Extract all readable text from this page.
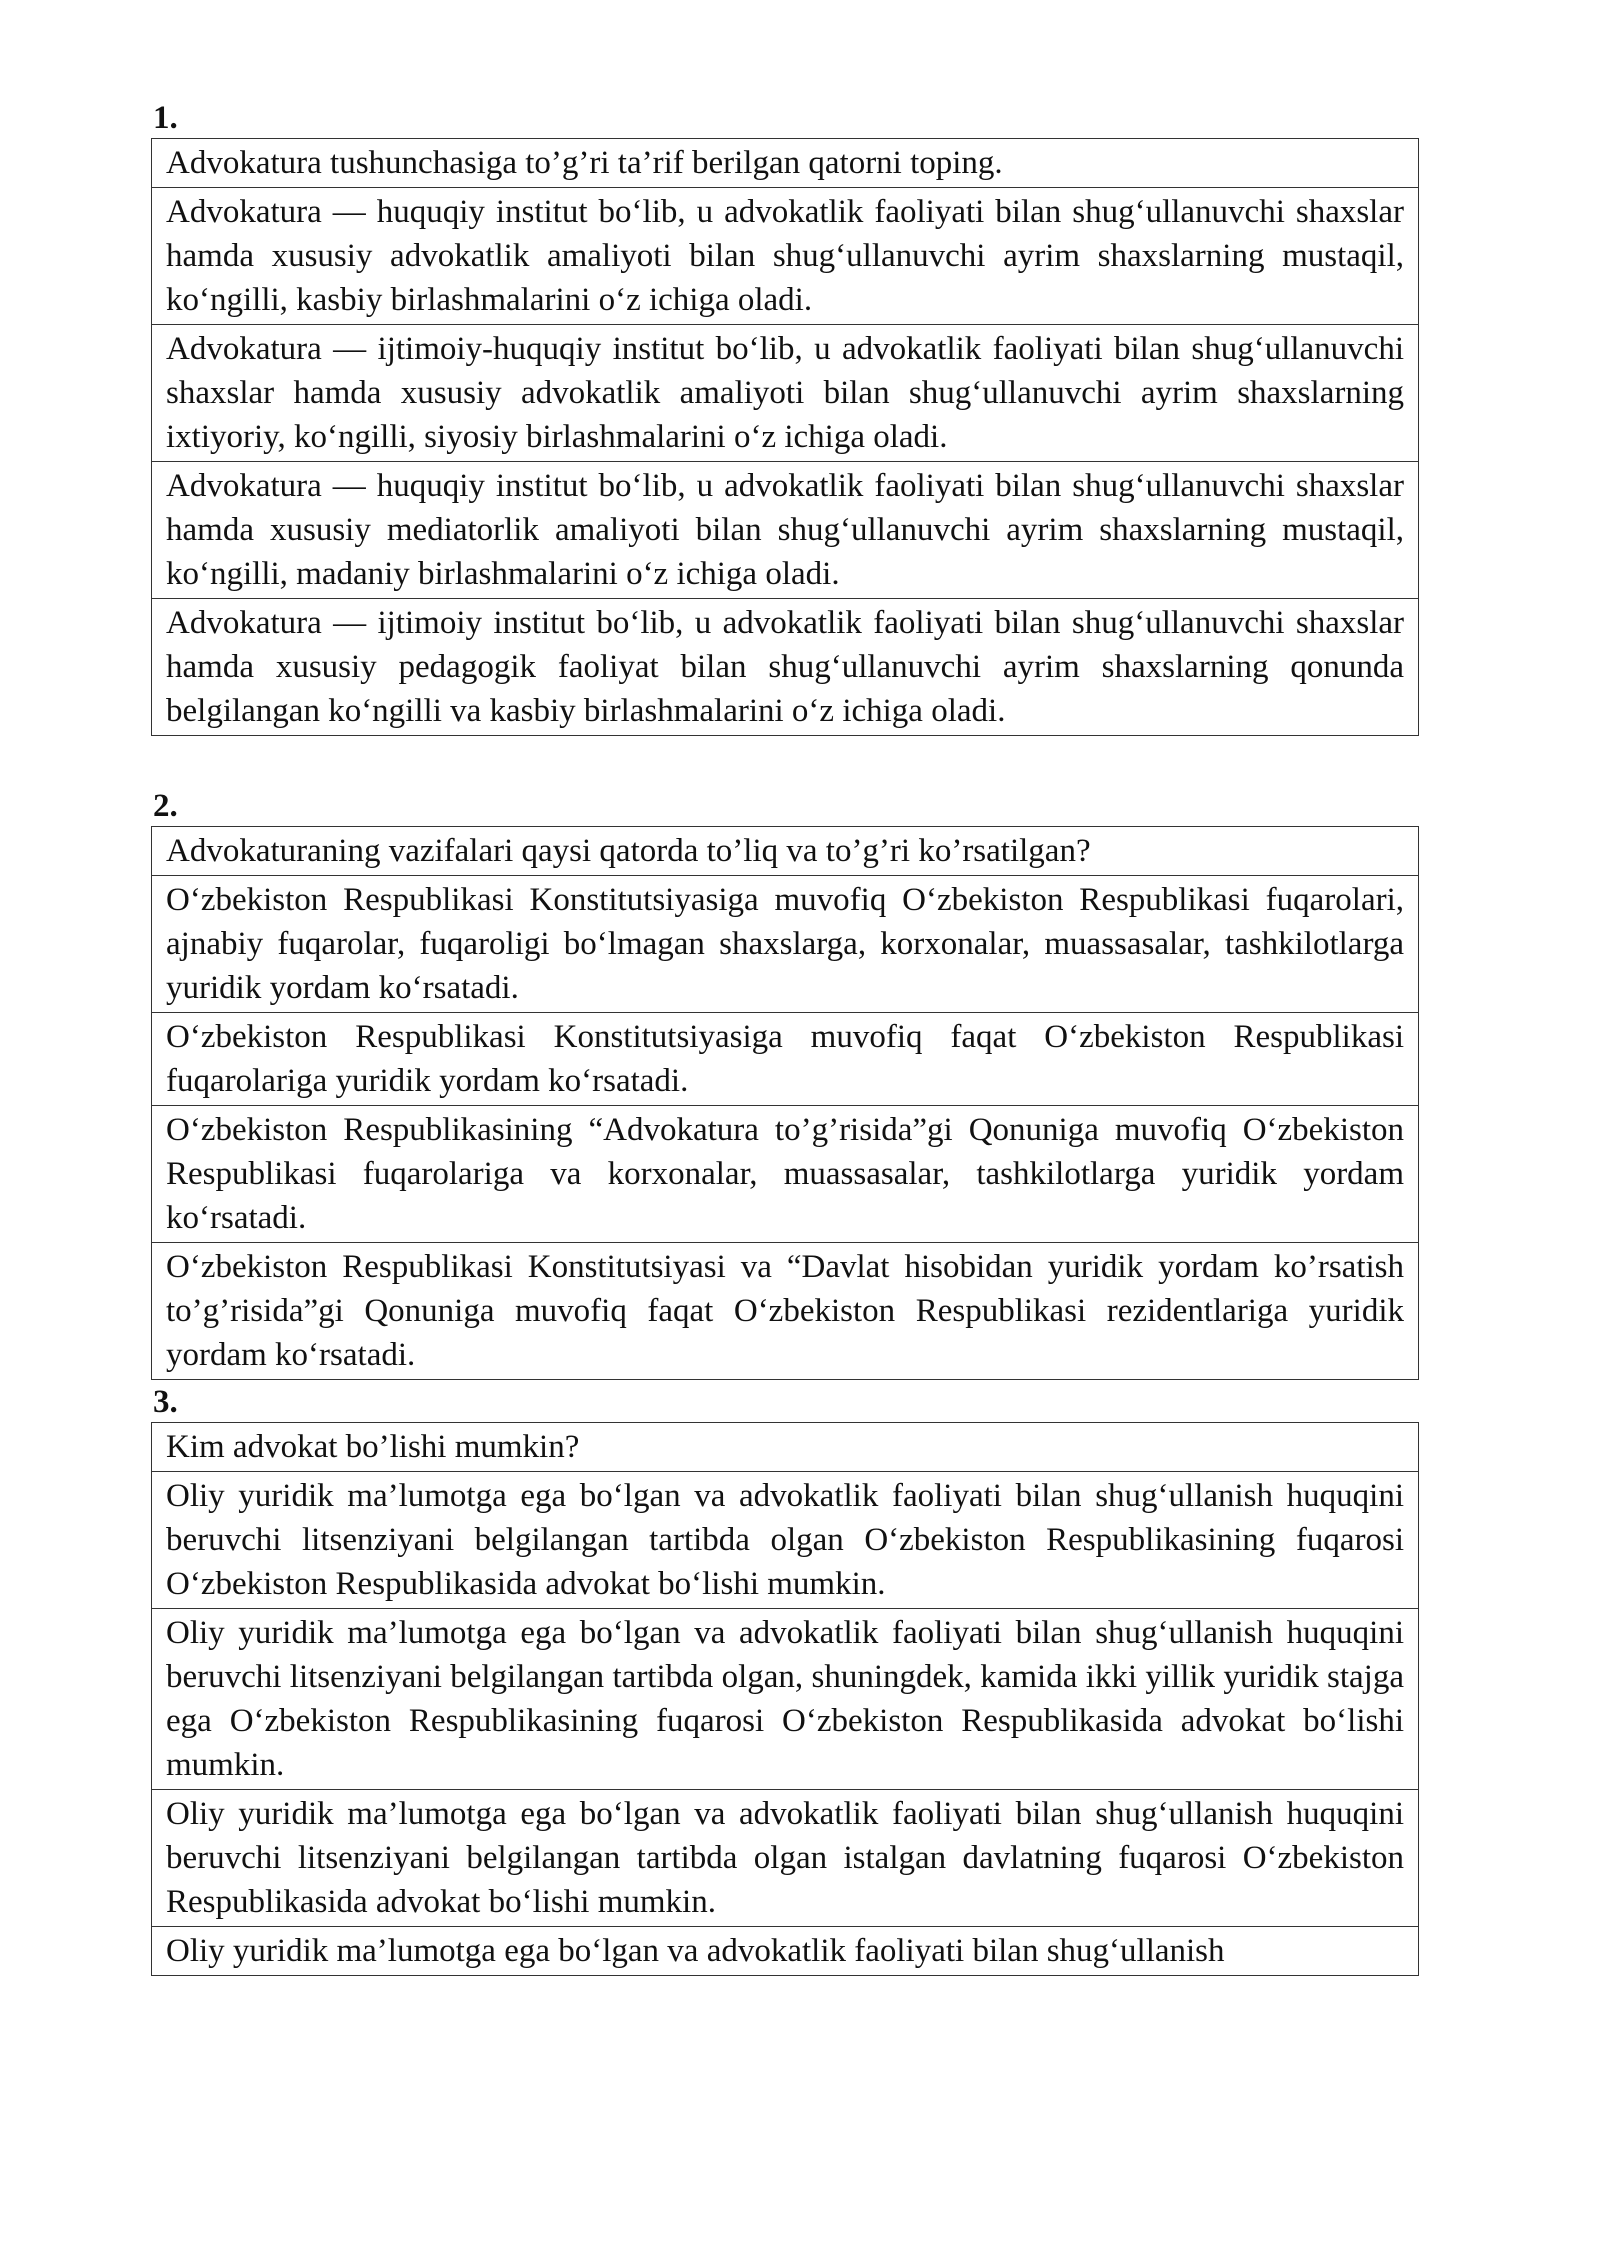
1.
Advokatura tushunchasiga to’g’ri ta’rif berilgan qatorni toping.
Advokatura — huquqiy institut bo‘lib, u advokatlik faoliyati bilan shug‘ullanuvchi shaxslar hamda xususiy advokatlik amaliyoti bilan shug‘ullanuvchi ayrim shaxslarning mustaqil, ko‘ngilli, kasbiy birlashmalarini o‘z ichiga oladi.
Advokatura — ijtimoiy-huquqiy institut bo‘lib, u advokatlik faoliyati bilan shug‘ullanuvchi shaxslar hamda xususiy advokatlik amaliyoti bilan shug‘ullanuvchi ayrim shaxslarning ixtiyoriy, ko‘ngilli, siyosiy birlashmalarini o‘z ichiga oladi.
Advokatura — huquqiy institut bo‘lib, u advokatlik faoliyati bilan shug‘ullanuvchi shaxslar hamda xususiy mediatorlik amaliyoti bilan shug‘ullanuvchi ayrim shaxslarning mustaqil, ko‘ngilli, madaniy birlashmalarini o‘z ichiga oladi.
Advokatura — ijtimoiy institut bo‘lib, u advokatlik faoliyati bilan shug‘ullanuvchi shaxslar hamda xususiy pedagogik faoliyat bilan shug‘ullanuvchi ayrim shaxslarning qonunda belgilangan ko‘ngilli va kasbiy birlashmalarini o‘z ichiga oladi.
2.
Advokaturaning vazifalari qaysi qatorda to’liq va to’g’ri ko’rsatilgan?
O‘zbekiston Respublikasi Konstitutsiyasiga muvofiq O‘zbekiston Respublikasi fuqarolari, ajnabiy fuqarolar, fuqaroligi bo‘lmagan shaxslarga, korxonalar, muassasalar, tashkilotlarga yuridik yordam ko‘rsatadi.
O‘zbekiston Respublikasi Konstitutsiyasiga muvofiq faqat O‘zbekiston Respublikasi fuqarolariga yuridik yordam ko‘rsatadi.
O‘zbekiston Respublikasining “Advokatura to’g’risida”gi Qonuniga muvofiq O‘zbekiston Respublikasi fuqarolariga va korxonalar, muassasalar, tashkilotlarga yuridik yordam ko‘rsatadi.
O‘zbekiston Respublikasi Konstitutsiyasi va “Davlat hisobidan yuridik yordam ko’rsatish to’g’risida”gi Qonuniga muvofiq faqat O‘zbekiston Respublikasi rezidentlariga yuridik yordam ko‘rsatadi.
3.
Kim advokat bo’lishi mumkin?
Oliy yuridik ma’lumotga ega bo‘lgan va advokatlik faoliyati bilan shug‘ullanish huquqini beruvchi litsenziyani belgilangan tartibda olgan O‘zbekiston Respublikasining fuqarosi O‘zbekiston Respublikasida advokat bo‘lishi mumkin.
Oliy yuridik ma’lumotga ega bo‘lgan va advokatlik faoliyati bilan shug‘ullanish huquqini beruvchi litsenziyani belgilangan tartibda olgan, shuningdek, kamida ikki yillik yuridik stajga ega O‘zbekiston Respublikasining fuqarosi O‘zbekiston Respublikasida advokat bo‘lishi mumkin.
Oliy yuridik ma’lumotga ega bo‘lgan va advokatlik faoliyati bilan shug‘ullanish huquqini beruvchi litsenziyani belgilangan tartibda olgan istalgan davlatning fuqarosi O‘zbekiston Respublikasida advokat bo‘lishi mumkin.
Oliy yuridik ma’lumotga ega bo‘lgan va advokatlik faoliyati bilan shug‘ullanish
